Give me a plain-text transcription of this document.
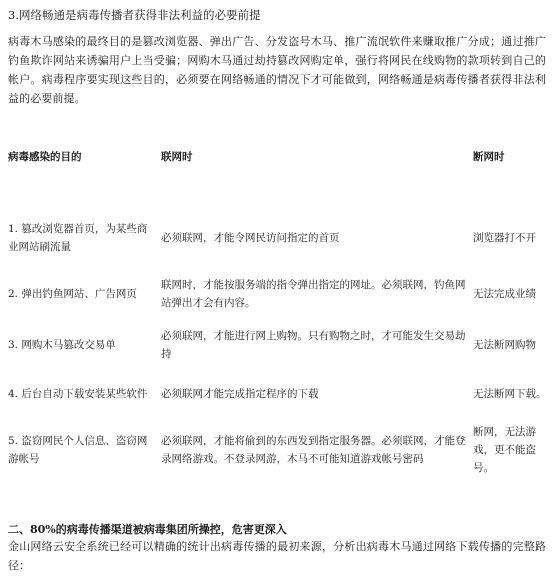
3.网络畅通是病毒传播者获得非法利益的必要前提

病毒木马感染的最终目的是篡改浏览器、弹出广告、分发盗号木马、推广流氓软件来赚取推广分成；通过推广钓鱼欺诈网站来诱骗用户上当受骗；网购木马通过劫持篡改网购定单，强行将网民在线购物的款项转到自己的帐户。病毒程序要实现这些目的，必须要在网络畅通的情况下才可能做到，网络畅通是病毒传播者获得非法利益的必要前提。

病毒感染的目的	联网时	断网时
1. 篡改浏览器首页，为某些商业网站刷流量	必须联网，才能令网民访问指定的首页	浏览器打不开
2. 弹出钓鱼网站、广告网页	联网时，才能按服务端的指令弹出指定的网址。必须联网，钓鱼网站弹出才会有内容。	无法完成业绩
3. 网购木马篡改交易单	必须联网，才能进行网上购物。只有购物之时，才可能发生交易劫持	无法断网购物
4. 后台自动下载安装某些软件	必须联网才能完成指定程序的下载	无法断网下载。
5. 盗窃网民个人信息、盗窃网游帐号	必须联网，才能将偷到的东西发到指定服务器。必须联网，才能登录网络游戏。不登录网游，木马不可能知道游戏帐号密码	断网，无法游戏，更不能盗号。

二、80%的病毒传播渠道被病毒集团所操控，危害更深入

金山网络云安全系统已经可以精确的统计出病毒传播的最初来源，分析出病毒木马通过网络下载传播的完整路径：
